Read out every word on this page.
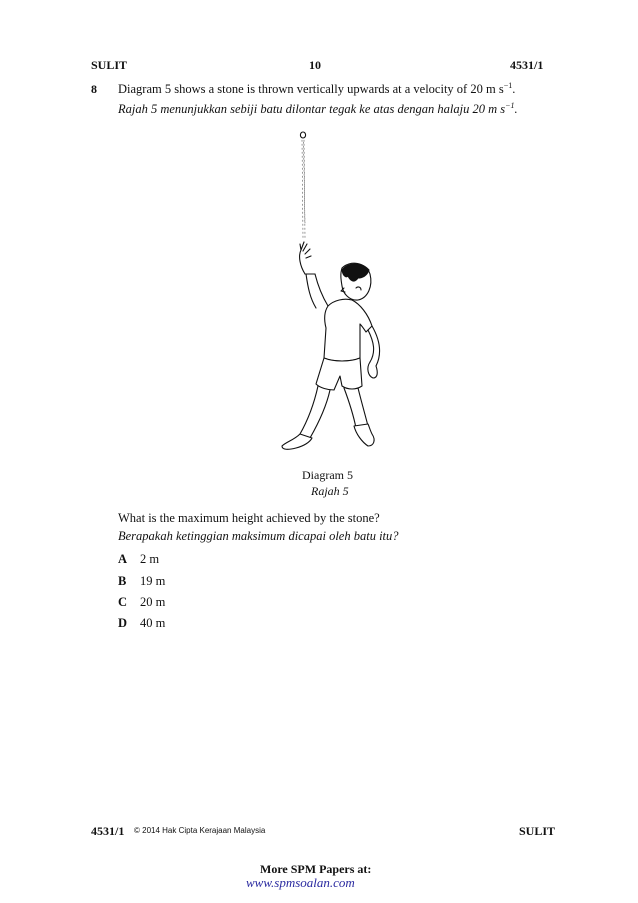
SULIT	10	4531/1
8 Diagram 5 shows a stone is thrown vertically upwards at a velocity of 20 m $s^{-1}$.
Rajah 5 menunjukkan sebiji batu dilontar tegak ke atas dengan halaju 20 m $s^{-1}$.
Diagram 5
Rajah 5
What is the maximum height achieved by the stone?
Berapakah ketinggian maksimum dicapai oleh batu itu?
A 2 m
B 19 m
C 20 m
D 40 m
4531/1 © 2014 Hak Cipta Kerajaan Malaysia	SULIT
More SPM Papers at:
www.spmsoalan.com
